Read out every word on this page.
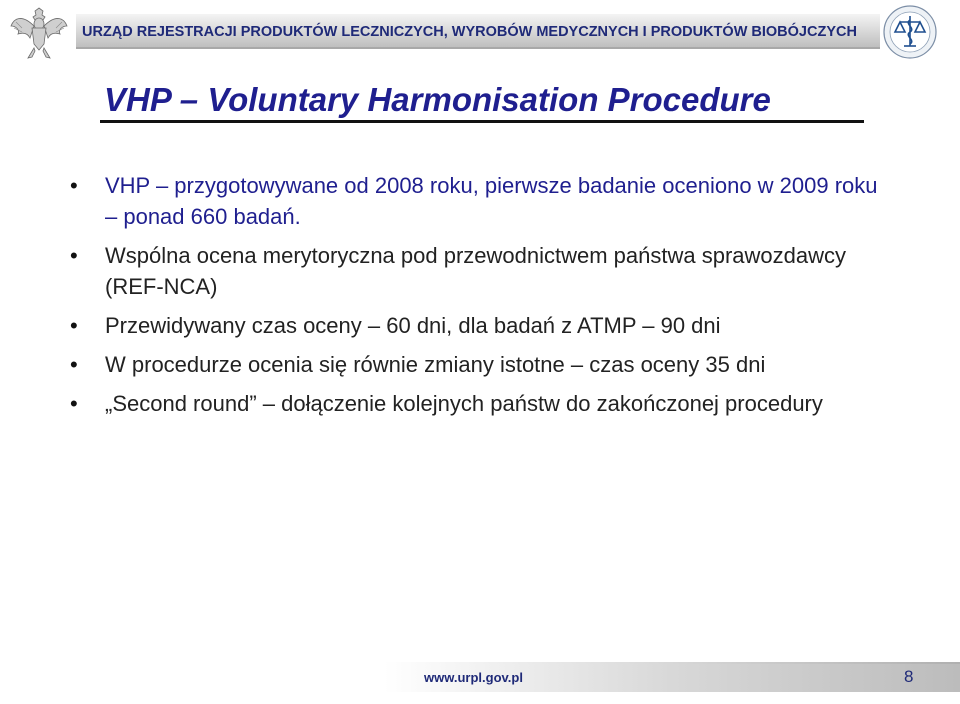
URZĄD REJESTRACJI PRODUKTÓW LECZNICZYCH, WYROBÓW MEDYCZNYCH I PRODUKTÓW BIOBÓJCZYCH
VHP – Voluntary Harmonisation Procedure
• VHP – przygotowywane od 2008 roku, pierwsze badanie oceniono w 2009 roku – ponad 660 badań.
• Wspólna ocena merytoryczna pod przewodnictwem państwa sprawozdawcy (REF-NCA)
• Przewidywany czas oceny – 60 dni, dla badań z ATMP – 90 dni
• W procedurze ocenia się równie zmiany istotne – czas oceny 35 dni
• „Second round” – dołączenie kolejnych państw do zakończonej procedury
www.urpl.gov.pl	8
